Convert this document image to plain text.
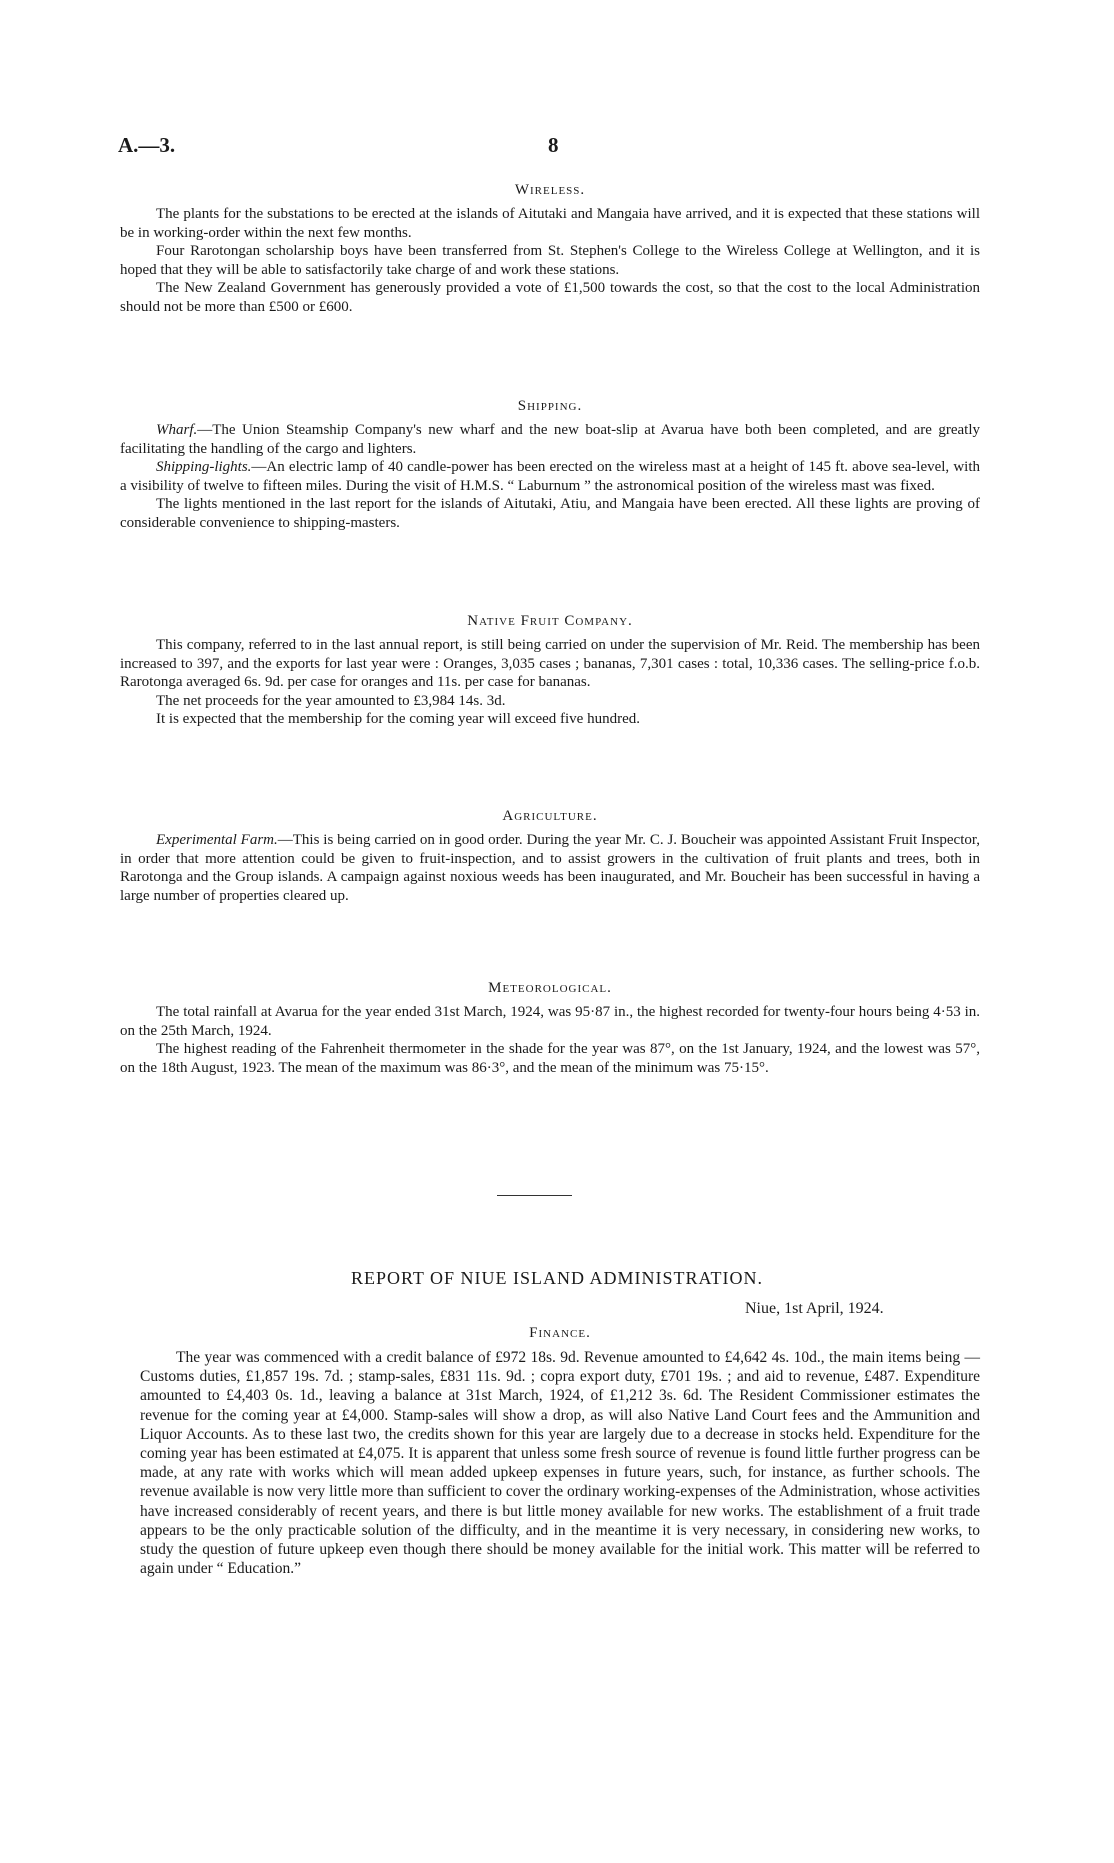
A.—3.	8
Wireless.

The plants for the substations to be erected at the islands of Aitutaki and Mangaia have arrived, and it is expected that these stations will be in working-order within the next few months.

Four Rarotongan scholarship boys have been transferred from St. Stephen's College to the Wireless College at Wellington, and it is hoped that they will be able to satisfactorily take charge of and work these stations.

The New Zealand Government has generously provided a vote of £1,500 towards the cost, so that the cost to the local Administration should not be more than £500 or £600.

Shipping.

Wharf.—The Union Steamship Company's new wharf and the new boat-slip at Avarua have both been completed, and are greatly facilitating the handling of the cargo and lighters.

Shipping-lights.—An electric lamp of 40 candle-power has been erected on the wireless mast at a height of 145 ft. above sea-level, with a visibility of twelve to fifteen miles. During the visit of H.M.S. “ Laburnum ” the astronomical position of the wireless mast was fixed.

The lights mentioned in the last report for the islands of Aitutaki, Atiu, and Mangaia have been erected. All these lights are proving of considerable convenience to shipping-masters.

Native Fruit Company.

This company, referred to in the last annual report, is still being carried on under the supervision of Mr. Reid. The membership has been increased to 397, and the exports for last year were : Oranges, 3,035 cases ; bananas, 7,301 cases : total, 10,336 cases. The selling-price f.o.b. Rarotonga averaged 6s. 9d. per case for oranges and 11s. per case for bananas.

The net proceeds for the year amounted to £3,984 14s. 3d.

It is expected that the membership for the coming year will exceed five hundred.

Agriculture.

Experimental Farm.—This is being carried on in good order. During the year Mr. C. J. Boucheir was appointed Assistant Fruit Inspector, in order that more attention could be given to fruit-inspection, and to assist growers in the cultivation of fruit plants and trees, both in Rarotonga and the Group islands. A campaign against noxious weeds has been inaugurated, and Mr. Boucheir has been successful in having a large number of properties cleared up.

Meteorological.

The total rainfall at Avarua for the year ended 31st March, 1924, was 95·87 in., the highest recorded for twenty-four hours being 4·53 in. on the 25th March, 1924.

The highest reading of the Fahrenheit thermometer in the shade for the year was 87°, on the 1st January, 1924, and the lowest was 57°, on the 18th August, 1923. The mean of the maximum was 86·3°, and the mean of the minimum was 75·15°.

REPORT OF NIUE ISLAND ADMINISTRATION.
Niue, 1st April, 1924.
Finance.

The year was commenced with a credit balance of £972 18s. 9d. Revenue amounted to £4,642 4s. 10d., the main items being — Customs duties, £1,857 19s. 7d. ; stamp-sales, £831 11s. 9d. ; copra export duty, £701 19s. ; and aid to revenue, £487. Expenditure amounted to £4,403 0s. 1d., leaving a balance at 31st March, 1924, of £1,212 3s. 6d. The Resident Commissioner estimates the revenue for the coming year at £4,000. Stamp-sales will show a drop, as will also Native Land Court fees and the Ammunition and Liquor Accounts. As to these last two, the credits shown for this year are largely due to a decrease in stocks held. Expenditure for the coming year has been estimated at £4,075. It is apparent that unless some fresh source of revenue is found little further progress can be made, at any rate with works which will mean added upkeep expenses in future years, such, for instance, as further schools. The revenue available is now very little more than sufficient to cover the ordinary working-expenses of the Administration, whose activities have increased considerably of recent years, and there is but little money available for new works. The establishment of a fruit trade appears to be the only practicable solution of the difficulty, and in the meantime it is very necessary, in considering new works, to study the question of future upkeep even though there should be money available for the initial work. This matter will be referred to again under “ Education.”
